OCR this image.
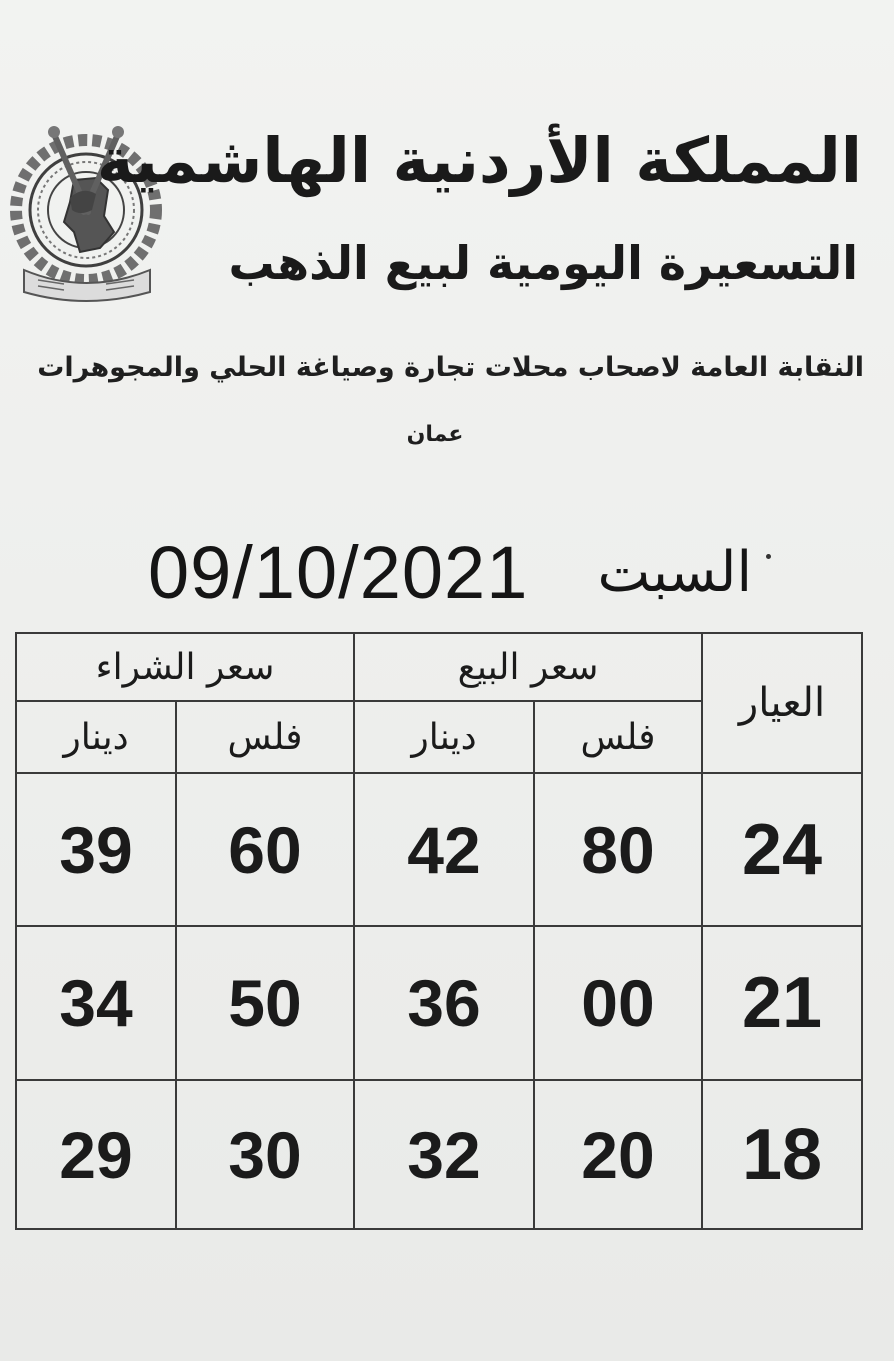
المملكة الأردنية الهاشمية
التسعيرة اليومية لبيع الذهب
النقابة العامة لاصحاب محلات تجارة وصياغة الحلي والمجوهرات
عمان
09/10/2021	السبت
سعر الشراء		سعر البيع		العيار
دينار	فلس	دينار	فلس	
39	60	42	80	24
34	50	36	00	21
29	30	32	20	18
